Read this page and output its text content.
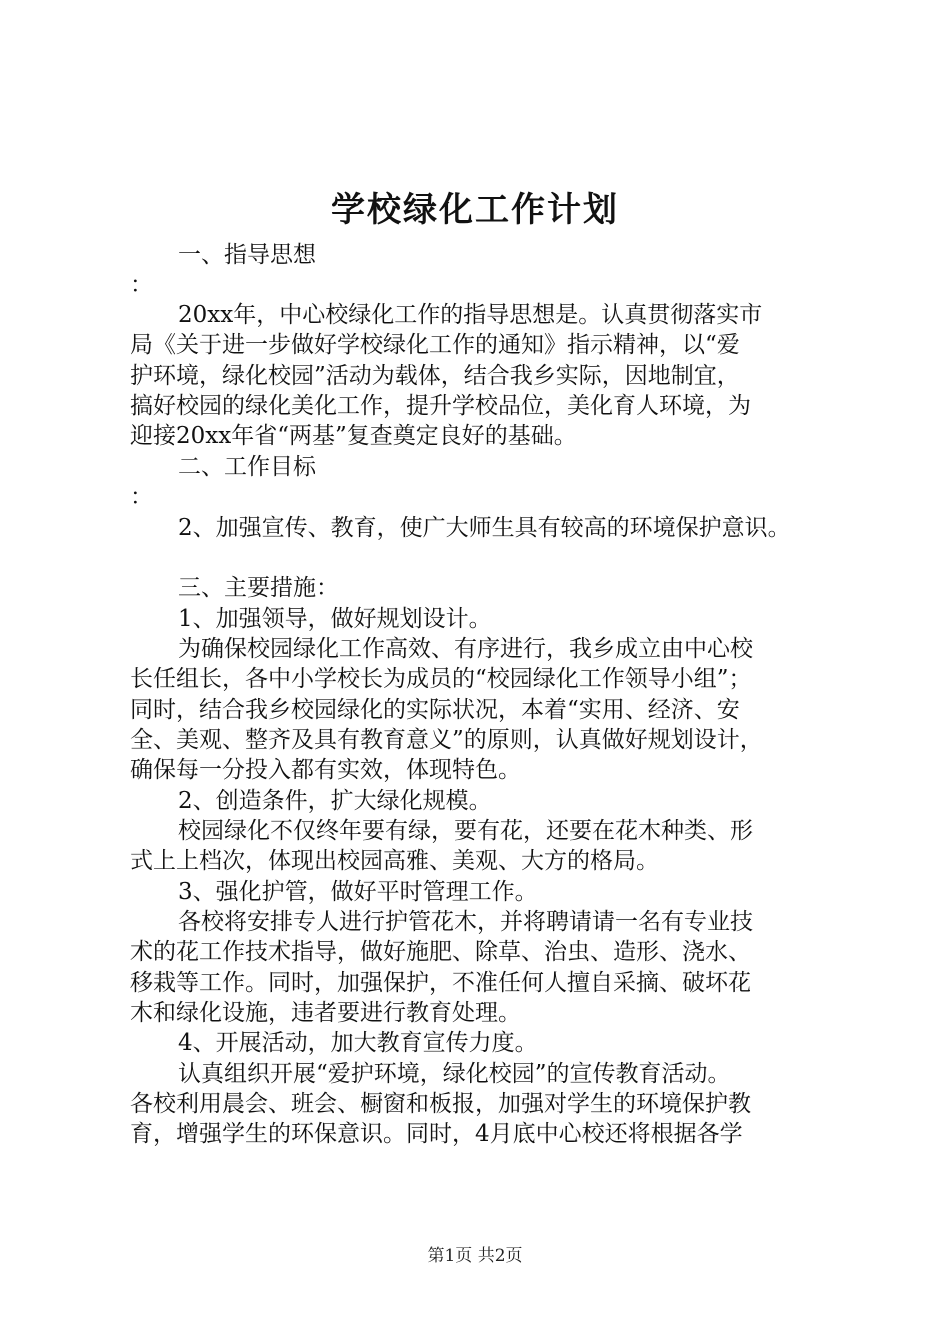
学校绿化工作计划
一、指导思想
：
20xx年，中心校绿化工作的指导思想是。认真贯彻落实市
局《关于进一步做好学校绿化工作的通知》指示精神，以“爱
护环境，绿化校园”活动为载体，结合我乡实际，因地制宜，
搞好校园的绿化美化工作，提升学校品位，美化育人环境，为
迎接20xx年省“两基”复查奠定良好的基础。
二、工作目标
：
2、加强宣传、教育，使广大师生具有较高的环境保护意识。
三、主要措施：
1、加强领导，做好规划设计。
为确保校园绿化工作高效、有序进行，我乡成立由中心校
长任组长，各中小学校长为成员的“校园绿化工作领导小组”；
同时，结合我乡校园绿化的实际状况，本着“实用、经济、安
全、美观、整齐及具有教育意义”的原则，认真做好规划设计，
确保每一分投入都有实效，体现特色。
2、创造条件，扩大绿化规模。
校园绿化不仅终年要有绿，要有花，还要在花木种类、形
式上上档次，体现出校园高雅、美观、大方的格局。
3、强化护管，做好平时管理工作。
各校将安排专人进行护管花木，并将聘请请一名有专业技
术的花工作技术指导，做好施肥、除草、治虫、造形、浇水、
移栽等工作。同时，加强保护，不准任何人擅自采摘、破坏花
木和绿化设施，违者要进行教育处理。
4、开展活动，加大教育宣传力度。
认真组织开展“爱护环境，绿化校园”的宣传教育活动。
各校利用晨会、班会、橱窗和板报，加强对学生的环境保护教
育，增强学生的环保意识。同时，4月底中心校还将根据各学
第1页 共2页
